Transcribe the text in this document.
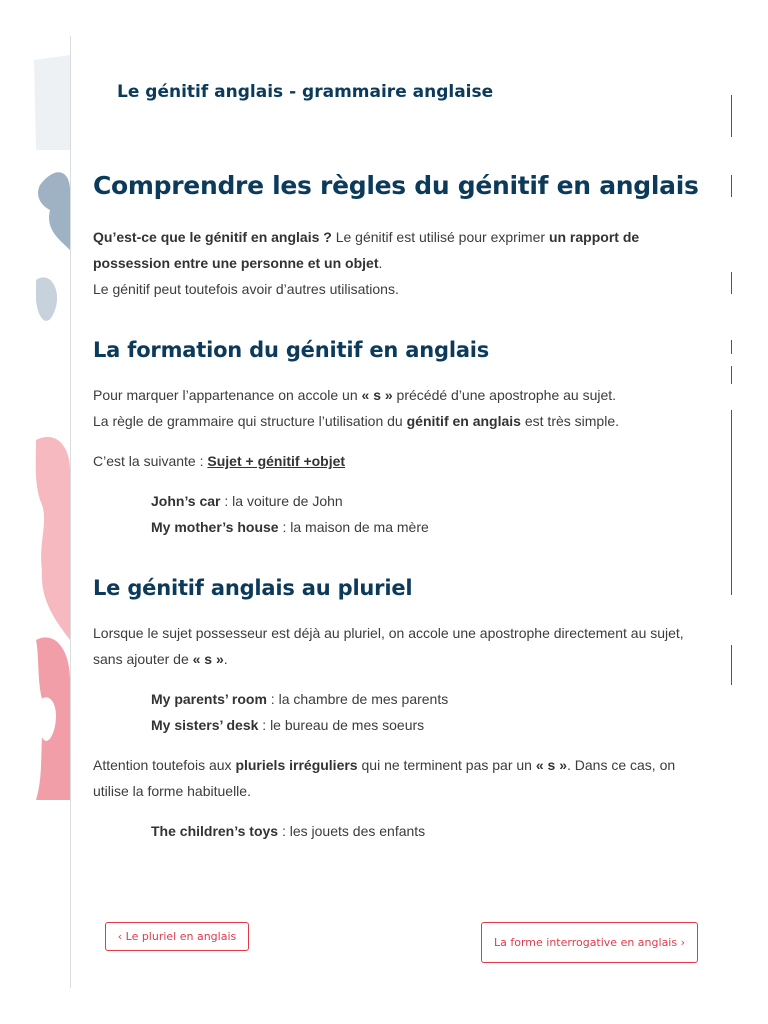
Le génitif anglais - grammaire anglaise
Comprendre les règles du génitif en anglais

Qu’est-ce que le génitif en anglais ? Le génitif est utilisé pour exprimer un rapport de possession entre une personne et un objet.
Le génitif peut toutefois avoir d’autres utilisations.

La formation du génitif en anglais

Pour marquer l’appartenance on accole un « s » précédé d’une apostrophe au sujet.
La règle de grammaire qui structure l’utilisation du génitif en anglais est très simple.

C’est la suivante : Sujet + génitif +objet

John’s car : la voiture de John
My mother’s house : la maison de ma mère

Le génitif anglais au pluriel

Lorsque le sujet possesseur est déjà au pluriel, on accole une apostrophe directement au sujet, sans ajouter de « s ».

My parents’ room : la chambre de mes parents
My sisters’ desk : le bureau de mes soeurs

Attention toutefois aux pluriels irréguliers qui ne terminent pas par un « s ». Dans ce cas, on utilise la forme habituelle.

The children’s toys : les jouets des enfants

‹ Le pluriel en anglais	La forme interrogative en anglais ›
